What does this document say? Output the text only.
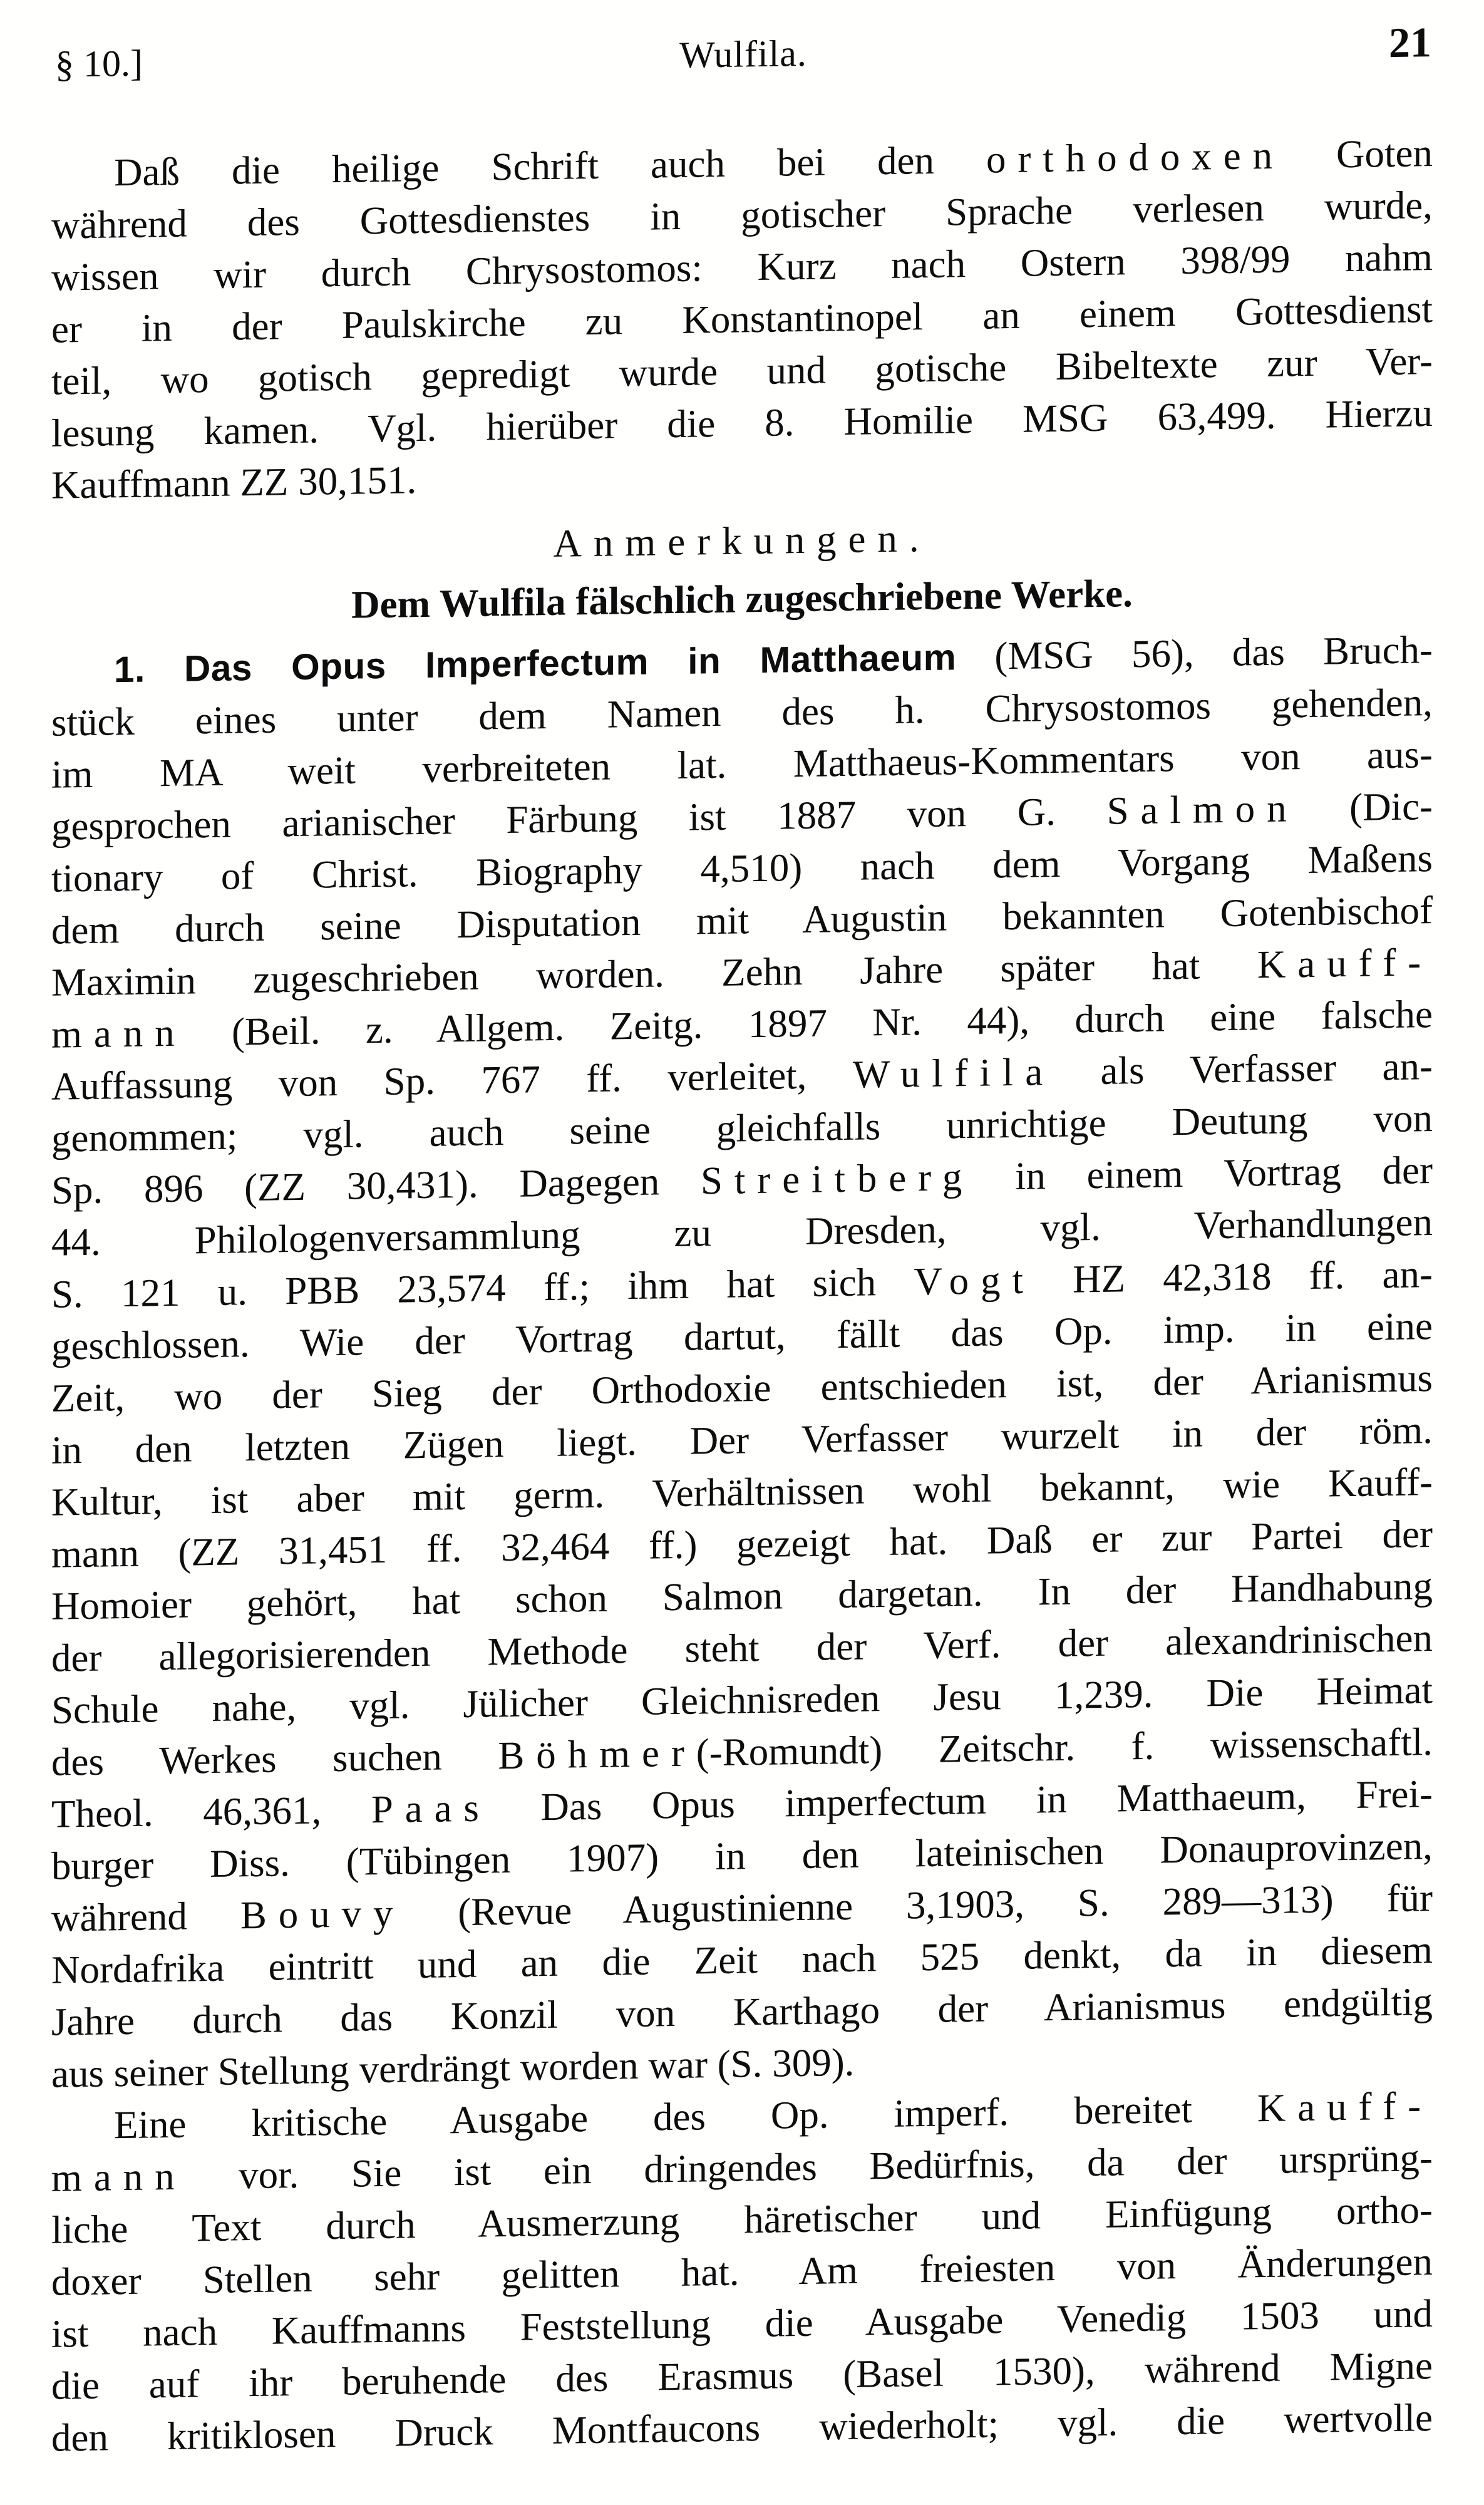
§ 10.]	Wulfila.	21
Daß die heilige Schrift auch bei den orthodoxen Goten
während des Gottesdienstes in gotischer Sprache verlesen wurde,
wissen wir durch Chrysostomos: Kurz nach Ostern 398/99 nahm
er in der Paulskirche zu Konstantinopel an einem Gottesdienst
teil, wo gotisch gepredigt wurde und gotische Bibeltexte zur Ver-
lesung kamen. Vgl. hierüber die 8. Homilie MSG 63,499. Hierzu
Kauffmann ZZ 30,151.
Anmerkungen.
Dem Wulfila fälschlich zugeschriebene Werke.
1. Das Opus Imperfectum in Matthaeum (MSG 56), das Bruch-
stück eines unter dem Namen des h. Chrysostomos gehenden,
im MA weit verbreiteten lat. Matthaeus-Kommentars von aus-
gesprochen arianischer Färbung ist 1887 von G. Salmon (Dic-
tionary of Christ. Biography 4,510) nach dem Vorgang Maßens
dem durch seine Disputation mit Augustin bekannten Gotenbischof
Maximin zugeschrieben worden. Zehn Jahre später hat Kauff-
mann (Beil. z. Allgem. Zeitg. 1897 Nr. 44), durch eine falsche
Auffassung von Sp. 767 ff. verleitet, Wulfila als Verfasser an-
genommen; vgl. auch seine gleichfalls unrichtige Deutung von
Sp. 896 (ZZ 30,431). Dagegen Streitberg in einem Vortrag der
44. Philologenversammlung zu Dresden, vgl. Verhandlungen
S. 121 u. PBB 23,574 ff.; ihm hat sich Vogt HZ 42,318 ff. an-
geschlossen. Wie der Vortrag dartut, fällt das Op. imp. in eine
Zeit, wo der Sieg der Orthodoxie entschieden ist, der Arianismus
in den letzten Zügen liegt. Der Verfasser wurzelt in der röm.
Kultur, ist aber mit germ. Verhältnissen wohl bekannt, wie Kauff-
mann (ZZ 31,451 ff. 32,464 ff.) gezeigt hat. Daß er zur Partei der
Homoier gehört, hat schon Salmon dargetan. In der Handhabung
der allegorisierenden Methode steht der Verf. der alexandrinischen
Schule nahe, vgl. Jülicher Gleichnisreden Jesu 1,239. Die Heimat
des Werkes suchen Böhmer(-Romundt) Zeitschr. f. wissenschaftl.
Theol. 46,361, Paas Das Opus imperfectum in Matthaeum, Frei-
burger Diss. (Tübingen 1907) in den lateinischen Donauprovinzen,
während Bouvy (Revue Augustinienne 3,1903, S. 289—313) für
Nordafrika eintritt und an die Zeit nach 525 denkt, da in diesem
Jahre durch das Konzil von Karthago der Arianismus endgültig
aus seiner Stellung verdrängt worden war (S. 309).
Eine kritische Ausgabe des Op. imperf. bereitet Kauff-
mann vor. Sie ist ein dringendes Bedürfnis, da der ursprüng-
liche Text durch Ausmerzung häretischer und Einfügung ortho-
doxer Stellen sehr gelitten hat. Am freiesten von Änderungen
ist nach Kauffmanns Feststellung die Ausgabe Venedig 1503 und
die auf ihr beruhende des Erasmus (Basel 1530), während Migne
den kritiklosen Druck Montfaucons wiederholt; vgl. die wertvolle
